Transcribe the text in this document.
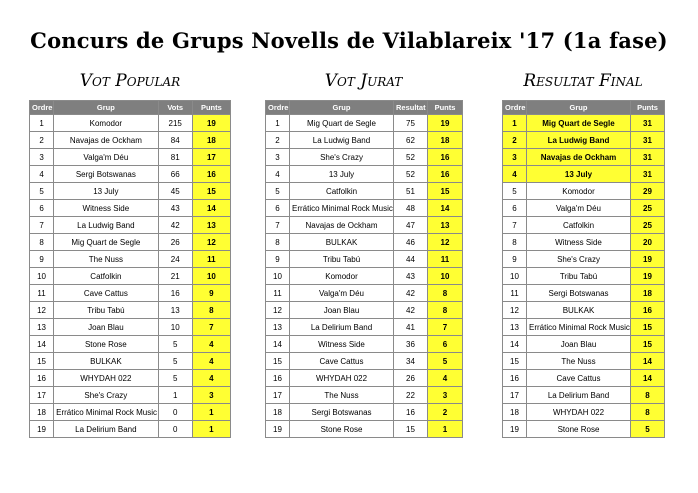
Concurs de Grups Novells de Vilablareix '17 (1a fase)
Vot Popular	Vot Jurat	Resultat Final
Ordre	Grup	Vots	Punts
1	Komodor	215	19
2	Navajas de Ockham	84	18
3	Valga'm Déu	81	17
4	Sergi Botswanas	66	16
5	13 July	45	15
6	Witness Side	43	14
7	La Ludwig Band	42	13
8	Mig Quart de Segle	26	12
9	The Nuss	24	11
10	Catfolkin	21	10
11	Cave Cattus	16	9
12	Tribu Tabú	13	8
13	Joan Blau	10	7
14	Stone Rose	5	4
15	BULKAK	5	4
16	WHYDAH 022	5	4
17	She's Crazy	1	3
18	Errático Minimal Rock Music	0	1
19	La Delirium Band	0	1
Ordre	Grup	Resultat	Punts
1	Mig Quart de Segle	75	19
2	La Ludwig Band	62	18
3	She's Crazy	52	16
4	13 July	52	16
5	Catfolkin	51	15
6	Errático Minimal Rock Music	48	14
7	Navajas de Ockham	47	13
8	BULKAK	46	12
9	Tribu Tabú	44	11
10	Komodor	43	10
11	Valga'm Déu	42	8
12	Joan Blau	42	8
13	La Delirium Band	41	7
14	Witness Side	36	6
15	Cave Cattus	34	5
16	WHYDAH 022	26	4
17	The Nuss	22	3
18	Sergi Botswanas	16	2
19	Stone Rose	15	1
Ordre	Grup	Punts
1	Mig Quart de Segle	31
2	La Ludwig Band	31
3	Navajas de Ockham	31
4	13 July	31
5	Komodor	29
6	Valga'm Déu	25
7	Catfolkin	25
8	Witness Side	20
9	She's Crazy	19
10	Tribu Tabú	19
11	Sergi Botswanas	18
12	BULKAK	16
13	Errático Minimal Rock Music	15
14	Joan Blau	15
15	The Nuss	14
16	Cave Cattus	14
17	La Delirium Band	8
18	WHYDAH 022	8
19	Stone Rose	5
